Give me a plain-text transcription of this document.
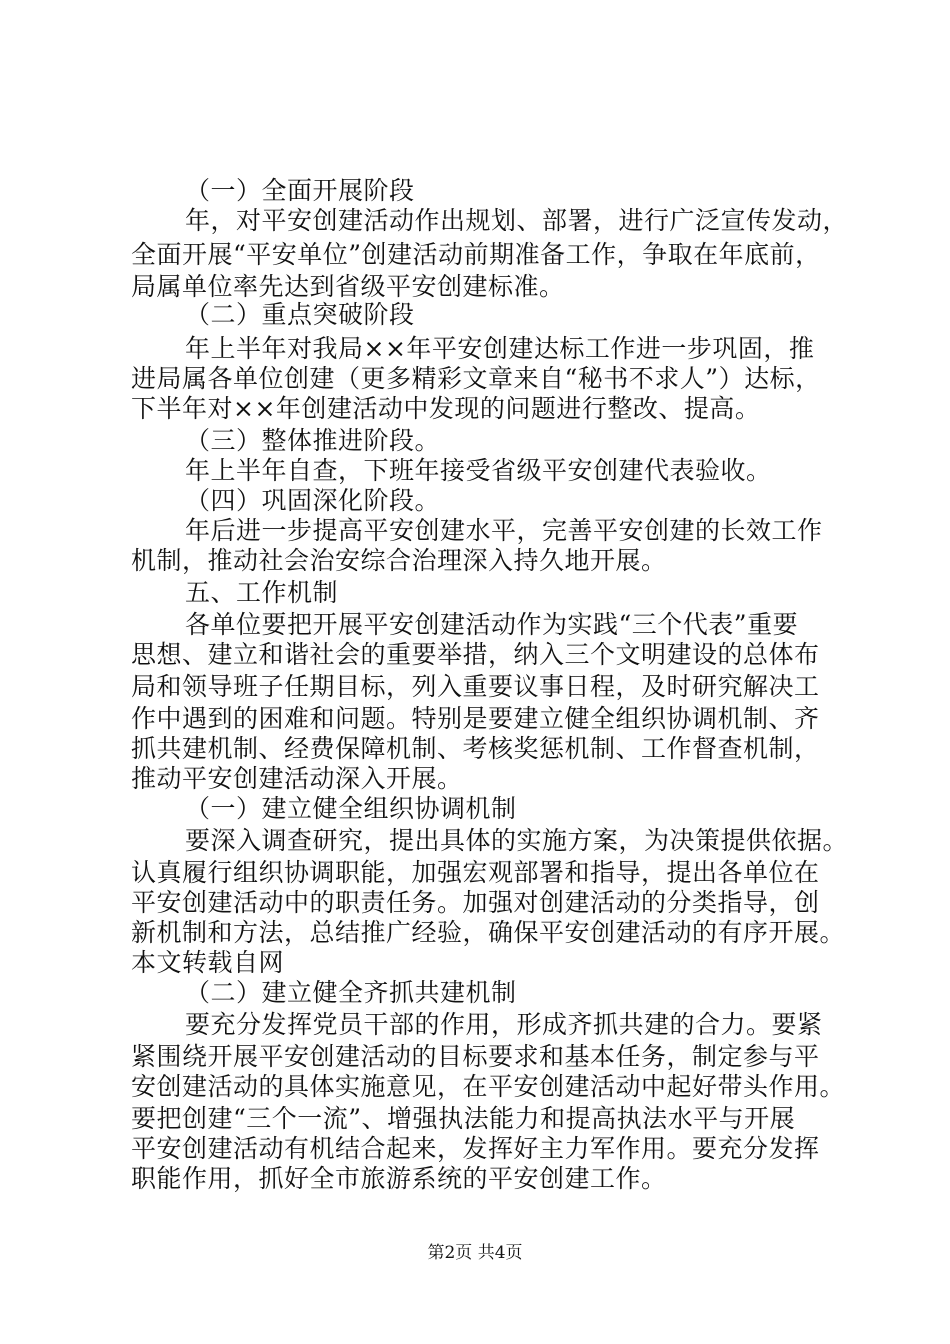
（一）全面开展阶段
年，对平安创建活动作出规划、部署，进行广泛宣传发动，
全面开展“平安单位”创建活动前期准备工作，争取在年底前，
局属单位率先达到省级平安创建标准。
（二）重点突破阶段
年上半年对我局××年平安创建达标工作进一步巩固，推
进局属各单位创建（更多精彩文章来自“秘书不求人”）达标，
下半年对××年创建活动中发现的问题进行整改、提高。
（三）整体推进阶段。
年上半年自查，下班年接受省级平安创建代表验收。
（四）巩固深化阶段。
年后进一步提高平安创建水平，完善平安创建的长效工作
机制，推动社会治安综合治理深入持久地开展。
五、工作机制
各单位要把开展平安创建活动作为实践“三个代表”重要
思想、建立和谐社会的重要举措，纳入三个文明建设的总体布
局和领导班子任期目标，列入重要议事日程，及时研究解决工
作中遇到的困难和问题。特别是要建立健全组织协调机制、齐
抓共建机制、经费保障机制、考核奖惩机制、工作督查机制，
推动平安创建活动深入开展。
（一）建立健全组织协调机制
要深入调查研究，提出具体的实施方案，为决策提供依据。
认真履行组织协调职能，加强宏观部署和指导，提出各单位在
平安创建活动中的职责任务。加强对创建活动的分类指导，创
新机制和方法，总结推广经验，确保平安创建活动的有序开展。
本文转载自网
（二）建立健全齐抓共建机制
要充分发挥党员干部的作用，形成齐抓共建的合力。要紧
紧围绕开展平安创建活动的目标要求和基本任务，制定参与平
安创建活动的具体实施意见，在平安创建活动中起好带头作用。
要把创建“三个一流”、增强执法能力和提高执法水平与开展
平安创建活动有机结合起来，发挥好主力军作用。要充分发挥
职能作用，抓好全市旅游系统的平安创建工作。
第2页 共4页
